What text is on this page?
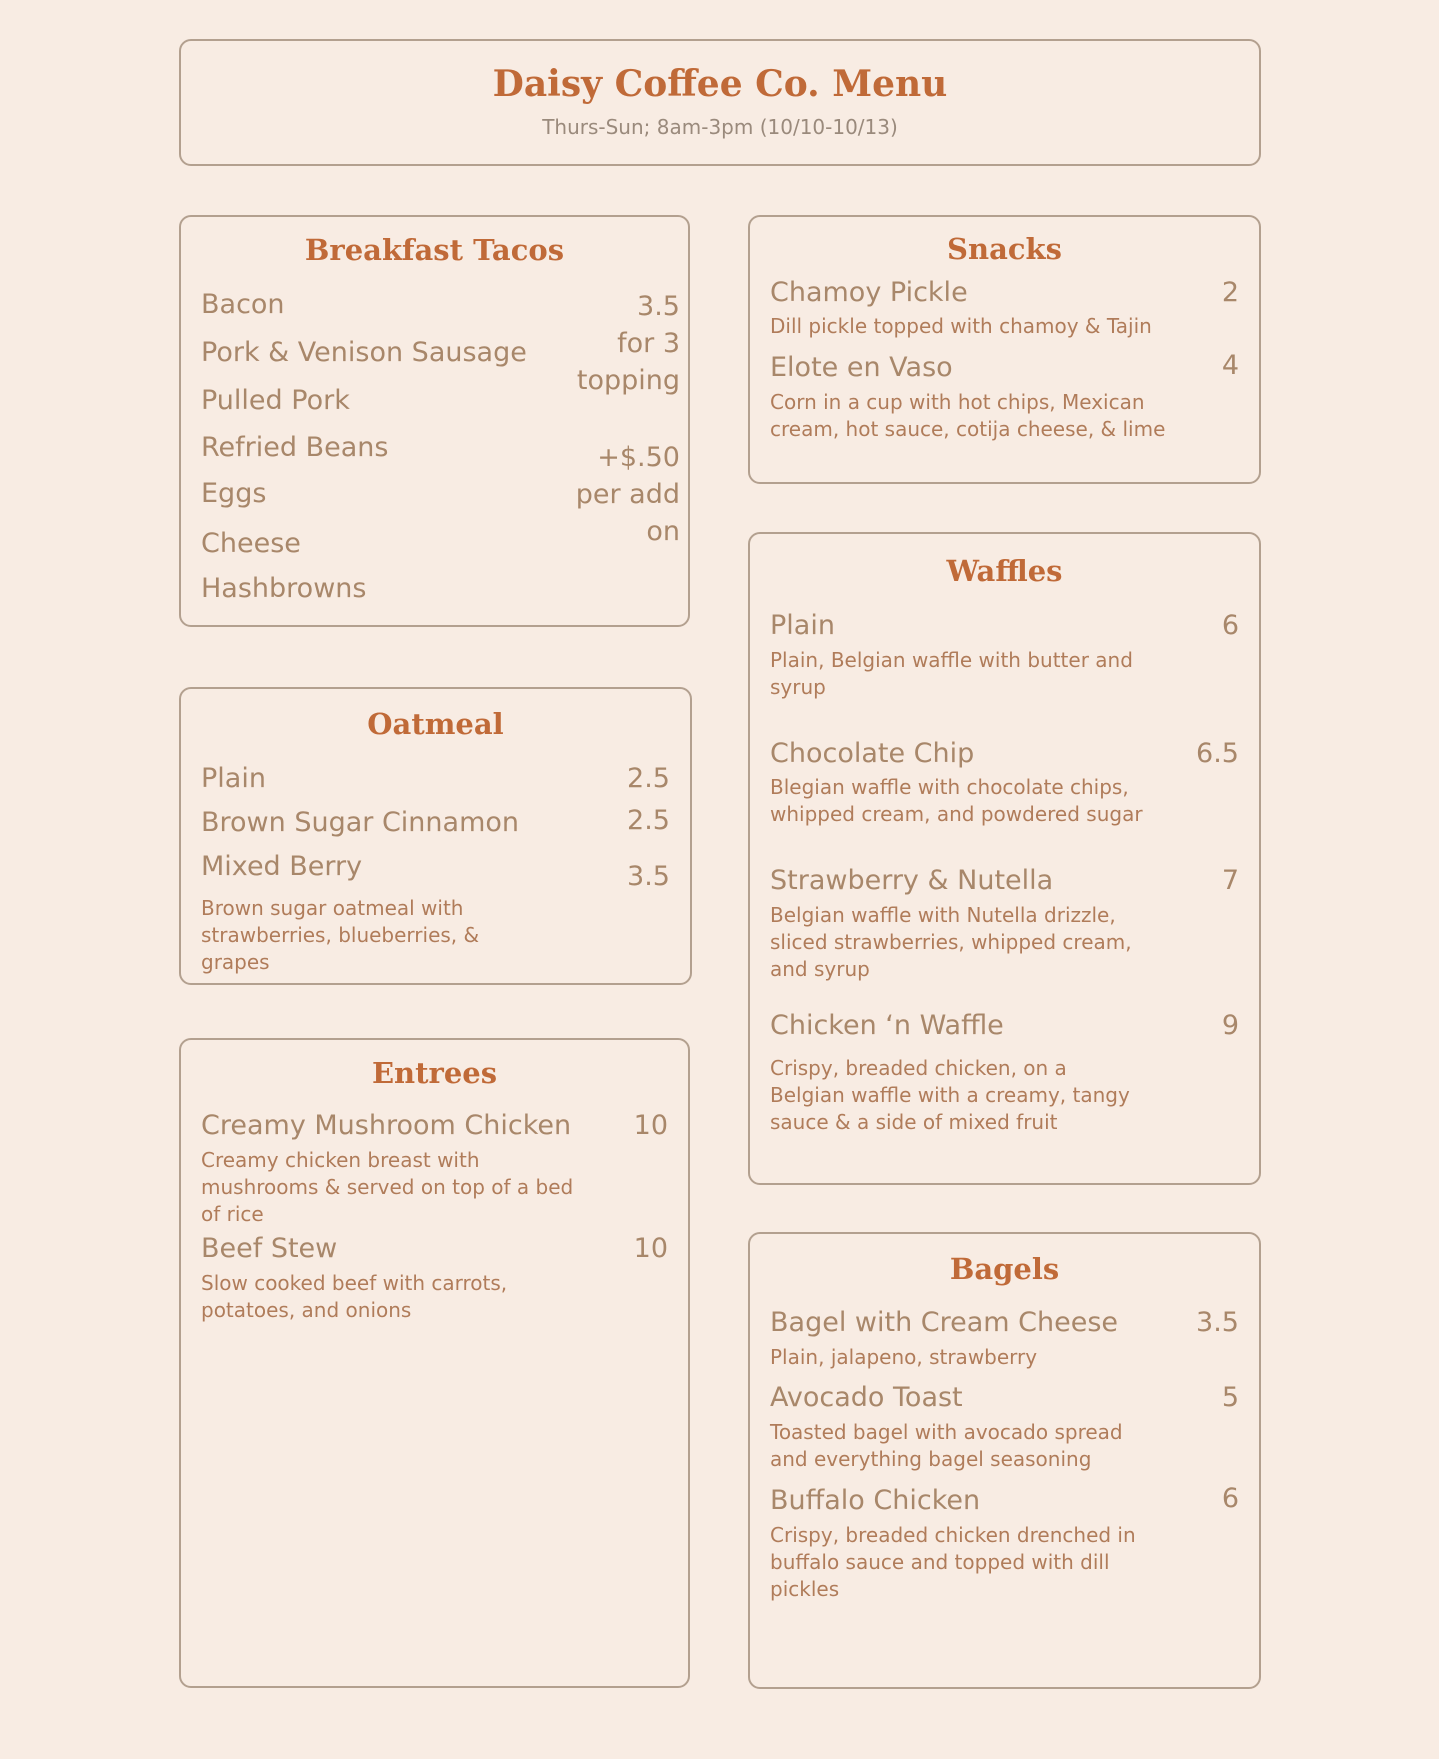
Daisy Coffee Co. Menu
Thurs-Sun; 8am-3pm (10/10-10/13)
Breakfast Tacos
Bacon
Pork & Venison Sausage
Pulled Pork
Refried Beans
Eggs
Cheese
Hashbrowns
3.5
for 3
topping
+$.50
per add
on
Oatmeal
Plain	2.5
Brown Sugar Cinnamon	2.5
Mixed Berry	3.5
Brown sugar oatmeal with strawberries, blueberries, & grapes
Entrees
Creamy Mushroom Chicken 10
Creamy chicken breast with mushrooms & served on top of a bed of rice
Beef Stew	10
Slow cooked beef with carrots, potatoes, and onions
Snacks
Chamoy Pickle	2
Dill pickle topped with chamoy & Tajin
Elote en Vaso	4
Corn in a cup with hot chips, Mexican cream, hot sauce, cotija cheese, & lime
Waffles
Plain	6
Plain, Belgian waffle with butter and syrup
Chocolate Chip	6.5
Blegian waffle with chocolate chips, whipped cream, and powdered sugar
Strawberry & Nutella	7
Belgian waffle with Nutella drizzle, sliced strawberries, whipped cream, and syrup
Chicken ‘n Waffle	9
Crispy, breaded chicken, on a Belgian waffle with a creamy, tangy sauce & a side of mixed fruit
Bagels
Bagel with Cream Cheese	3.5
Plain, jalapeno, strawberry
Avocado Toast	5
Toasted bagel with avocado spread and everything bagel seasoning
Buffalo Chicken	6
Crispy, breaded chicken drenched in buffalo sauce and topped with dill pickles
